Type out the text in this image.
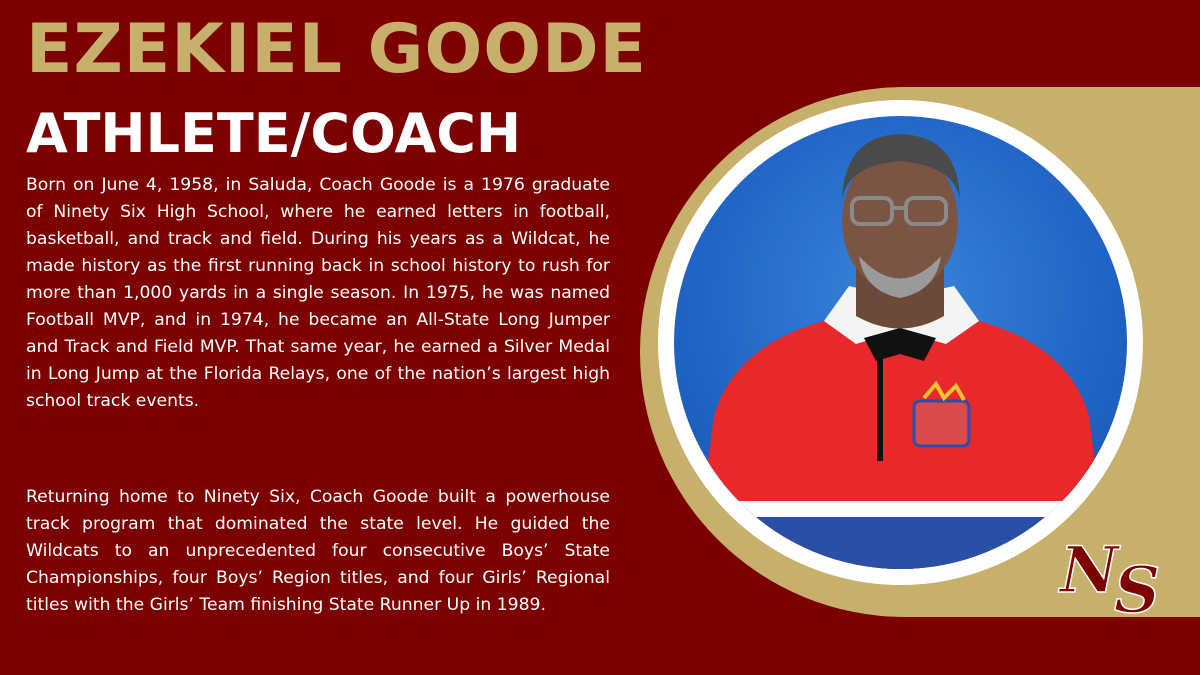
EZEKIEL GOODE
ATHLETE/COACH

Born on June 4, 1958, in Saluda, Coach Goode is a 1976 graduate of Ninety Six High School, where he earned letters in football, basketball, and track and field. During his years as a Wildcat, he made history as the first running back in school history to rush for more than 1,000 yards in a single season. In 1975, he was named Football MVP, and in 1974, he became an All-State Long Jumper and Track and Field MVP. That same year, he earned a Silver Medal in Long Jump at the Florida Relays, one of the nation’s largest high school track events.

Returning home to Ninety Six, Coach Goode built a powerhouse track program that dominated the state level. He guided the Wildcats to an unprecedented four consecutive Boys’ State Championships, four Boys’ Region titles, and four Girls’ Regional titles with the Girls’ Team finishing State Runner Up in 1989.	N
S
